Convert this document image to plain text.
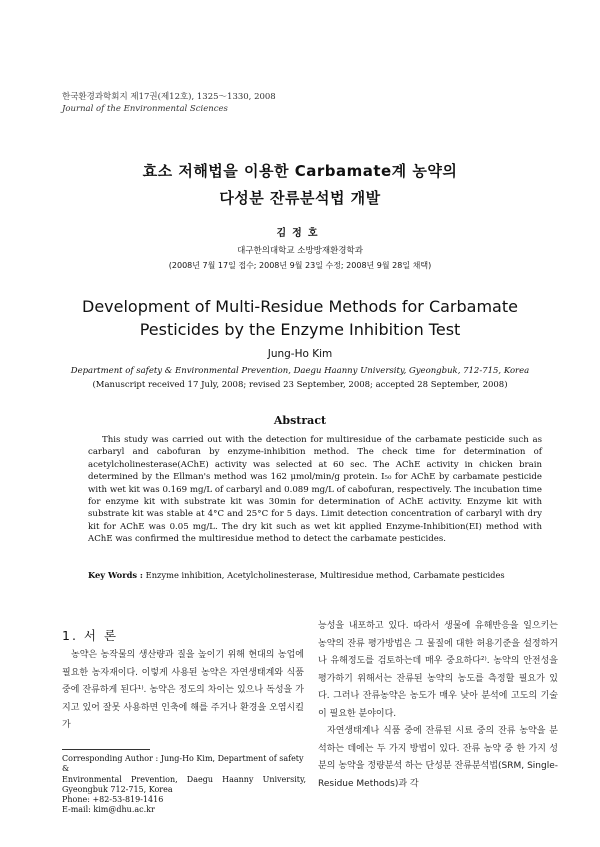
한국환경과학회지 제17권(제12호), 1325～1330, 2008
Journal of the Environmental Sciences
효소 저해법을 이용한 Carbamate계 농약의
다성분 잔류분석법 개발
김정호
대구한의대학교 소방방재환경학과
(2008년 7월 17일 접수; 2008년 9월 23일 수정; 2008년 9월 28일 채택)
Development of Multi-Residue Methods for Carbamate
Pesticides by the Enzyme Inhibition Test
Jung-Ho Kim
Department of safety & Environmental Prevention, Daegu Haanny University, Gyeongbuk, 712-715, Korea
(Manuscript received 17 July, 2008; revised 23 September, 2008; accepted 28 September, 2008)
Abstract
This study was carried out with the detection for multiresidue of the carbamate pesticide such as carbaryl and cabofuran by enzyme-inhibition method. The check time for determination of acetylcholinesterase(AChE) activity was selected at 60 sec. The AChE activity in chicken brain determined by the Ellman's method was 162 μmol/min/g protein. I₅₀ for AChE by carbamate pesticide with wet kit was 0.169 mg/L of carbaryl and 0.089 mg/L of cabofuran, respectively. The incubation time for enzyme kit with substrate kit was 30min for determination of AChE activity. Enzyme kit with substrate kit was stable at 4°C and 25°C for 5 days. Limit detection concentration of carbaryl with dry kit for AChE was 0.05 mg/L. The dry kit such as wet kit applied Enzyme-Inhibition(EI) method with AChE was confirmed the multiresidue method to detect the carbamate pesticides.
Key Words : Enzyme inhibition, Acetylcholinesterase, Multiresidue method, Carbamate pesticides
1. 서 론
농약은 농작물의 생산량과 질을 높이기 위해 현대의 농업에 필요한 농자재이다. 이렇게 사용된 농약은 자연생태계와 식품 중에 잔류하게 된다¹⁾. 농약은 정도의 차이는 있으나 독성을 가지고 있어 잘못 사용하면 인축에 해를 주거나 환경을 오염시킬 가

능성을 내포하고 있다. 따라서 생물에 유해반응을 일으키는 농약의 잔류 평가방법은 그 물질에 대한 허용기준을 설정하거나 유해정도를 검토하는데 매우 중요하다²⁾. 농약의 안전성을 평가하기 위해서는 잔류된 농약의 농도를 측정할 필요가 있다. 그러나 잔류농약은 농도가 매우 낮아 분석에 고도의 기술이 필요한 분야이다.

자연생태계나 식품 중에 잔류된 시료 중의 잔류 농약을 분석하는 데에는 두 가지 방법이 있다. 잔류 농약 중 한 가지 성분의 농약을 정량분석 하는 단성분 잔류분석법(SRM, Single-Residue Methods)과 각

Corresponding Author : Jung-Ho Kim, Department of safety &
Environmental Prevention, Daegu Haanny University,
Gyeongbuk 712-715, Korea
Phone: +82-53-819-1416
E-mail: kim@dhu.ac.kr
